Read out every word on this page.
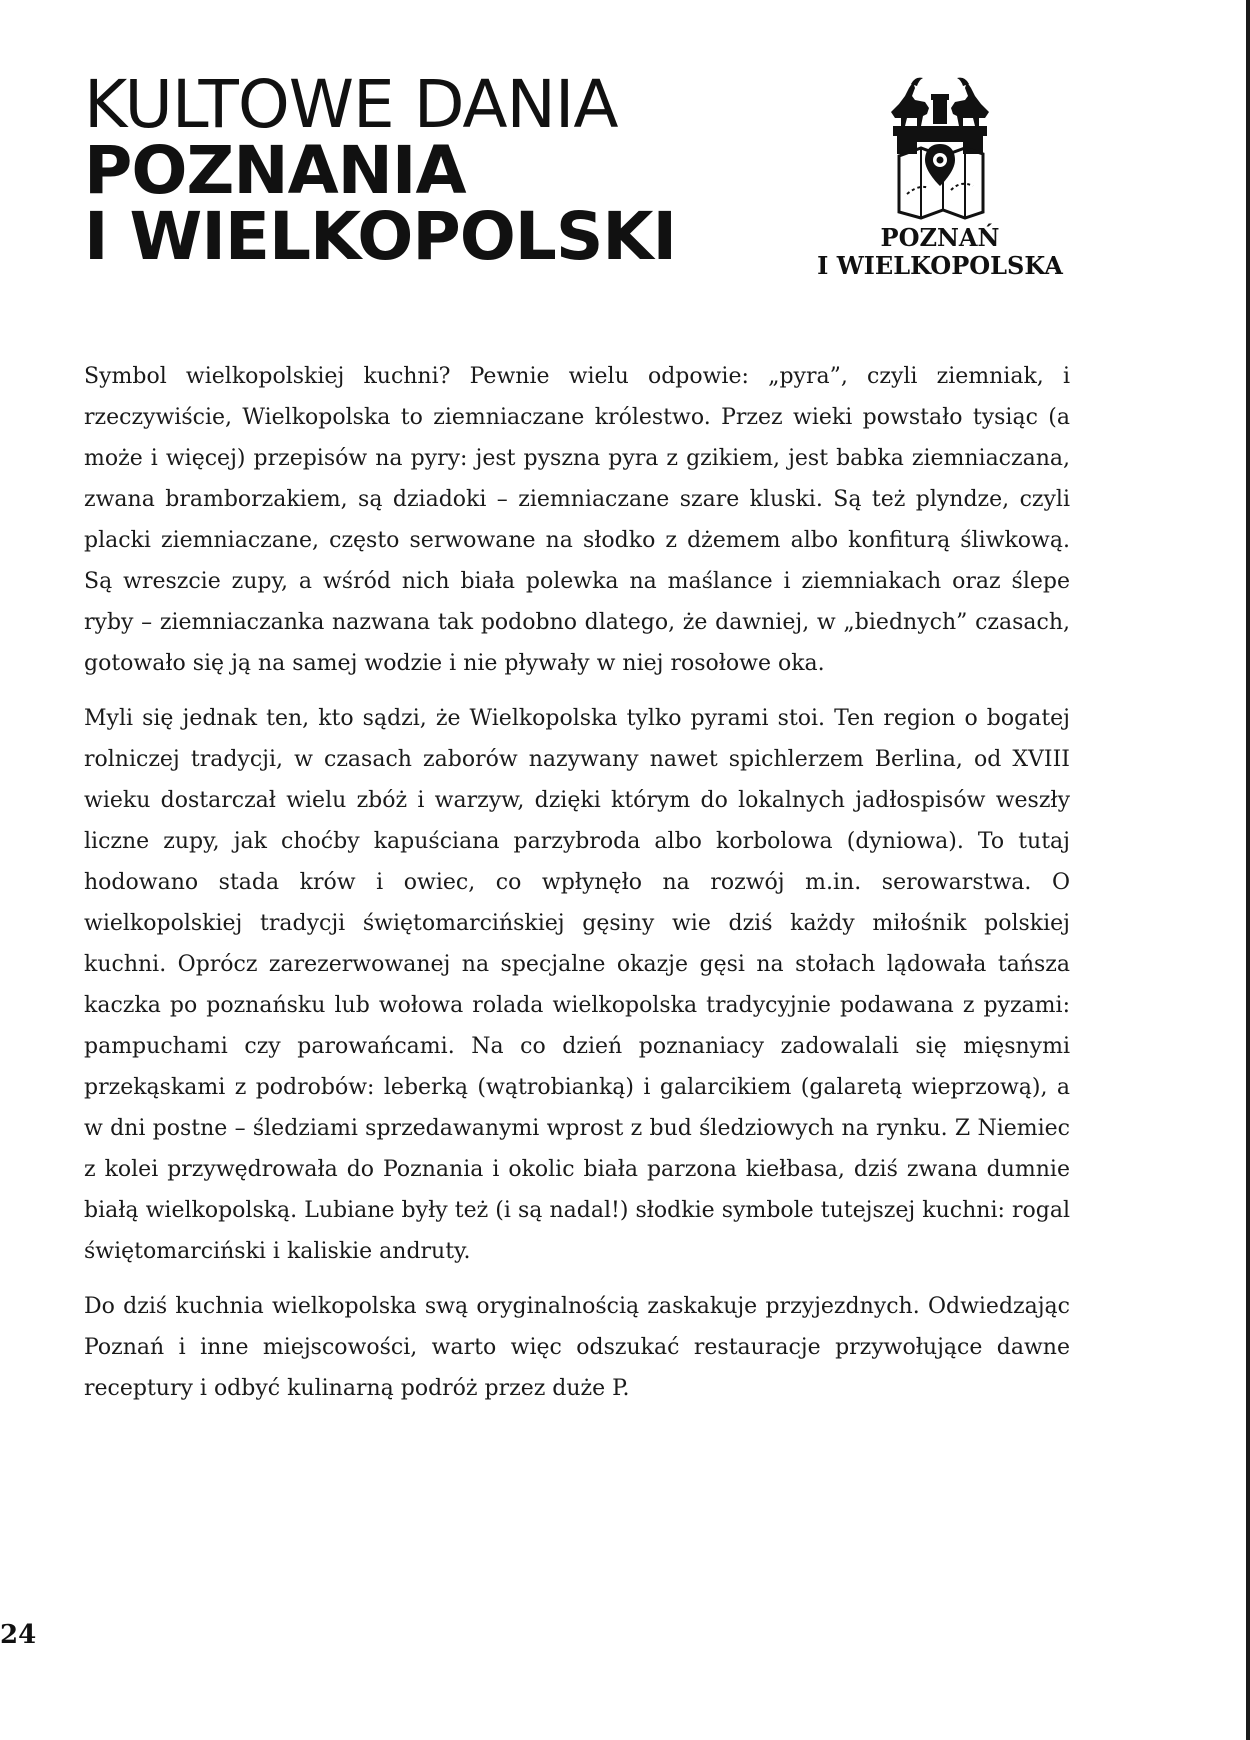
KULTOWE DANIA
POZNANIA
I WIELKOPOLSKI	POZNAŃ
I WIELKOPOLSKA

Symbol wielkopolskiej kuchni? Pewnie wielu odpowie: „pyra”, czyli ziemniak, i rzeczywiście, Wielkopolska to ziemniaczane królestwo. Przez wieki powstało tysiąc (a może i więcej) przepisów na pyry: jest pyszna pyra z gzikiem, jest babka ziemniaczana, zwana bramborzakiem, są dziadoki – ziemniaczane szare kluski. Są też plyndze, czyli placki ziemniaczane, często serwowane na słodko z dżemem albo konfiturą śliwkową. Są wreszcie zupy, a wśród nich biała polewka na maślance i ziemniakach oraz ślepe ryby – ziemniaczanka nazwana tak podobno dlatego, że dawniej, w „biednych” czasach, gotowało się ją na samej wodzie i nie pływały w niej rosołowe oka.

Myli się jednak ten, kto sądzi, że Wielkopolska tylko pyrami stoi. Ten region o bogatej rolniczej tradycji, w czasach zaborów nazywany nawet spichlerzem Berlina, od XVIII wieku dostarczał wielu zbóż i warzyw, dzięki którym do lokalnych jadłospisów weszły liczne zupy, jak choćby kapuściana parzybroda albo korbolowa (dyniowa). To tutaj hodowano stada krów i owiec, co wpłynęło na rozwój m.in. serowarstwa. O wielkopolskiej tradycji świętomarcińskiej gęsiny wie dziś każdy miłośnik polskiej kuchni. Oprócz zarezerwowanej na specjalne okazje gęsi na stołach lądowała tańsza kaczka po poznańsku lub wołowa rolada wielkopolska tradycyjnie podawana z pyzami: pampuchami czy parowańcami. Na co dzień poznaniacy zadowalali się mięsnymi przekąskami z podrobów: leberką (wątrobianką) i galarcikiem (galaretą wieprzową), a w dni postne – śledziami sprzedawanymi wprost z bud śledziowych na rynku. Z Niemiec z kolei przywędrowała do Poznania i okolic biała parzona kiełbasa, dziś zwana dumnie białą wielkopolską. Lubiane były też (i są nadal!) słodkie symbole tutejszej kuchni: rogal świętomarciński i kaliskie andruty.

Do dziś kuchnia wielkopolska swą oryginalnością zaskakuje przyjezdnych. Odwiedzając Poznań i inne miejscowości, warto więc odszukać restauracje przywołujące dawne receptury i odbyć kulinarną podróż przez duże P.

24
